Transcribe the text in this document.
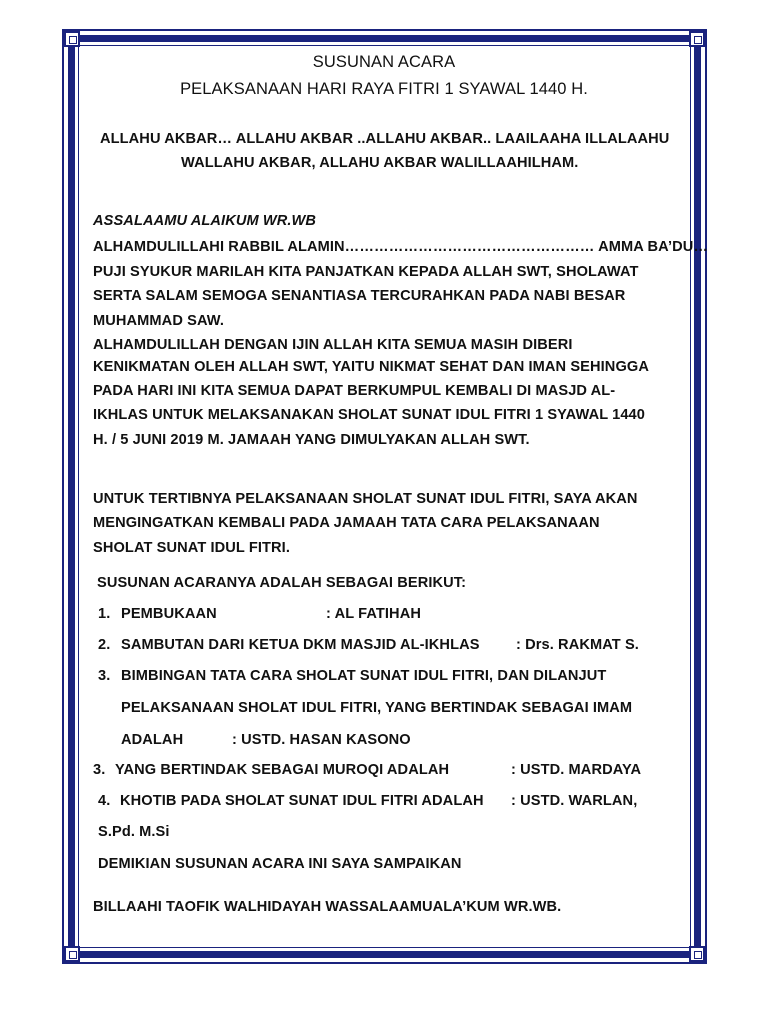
SUSUNAN ACARA
PELAKSANAAN HARI RAYA FITRI 1 SYAWAL 1440 H.
ALLAHU AKBAR… ALLAHU AKBAR ..ALLAHU AKBAR.. LAAILAAHA ILLALAAHU
WALLAHU AKBAR, ALLAHU AKBAR WALILLAAHILHAM.
ASSALAAMU ALAIKUM WR.WB
ALHAMDULILLAHI RABBIL ALAMIN…………………………………………… AMMA BA’DU…
PUJI SYUKUR MARILAH KITA PANJATKAN KEPADA ALLAH SWT, SHOLAWAT
SERTA SALAM SEMOGA SENANTIASA TERCURAHKAN PADA NABI BESAR
MUHAMMAD SAW.
ALHAMDULILLAH DENGAN IJIN ALLAH KITA SEMUA MASIH DIBERI
KENIKMATAN OLEH ALLAH SWT, YAITU NIKMAT SEHAT DAN IMAN SEHINGGA
PADA HARI INI KITA SEMUA DAPAT BERKUMPUL KEMBALI DI MASJD AL-
IKHLAS UNTUK MELAKSANAKAN SHOLAT SUNAT IDUL FITRI 1 SYAWAL 1440
H. / 5 JUNI 2019 M. JAMAAH YANG DIMULYAKAN ALLAH SWT.
UNTUK TERTIBNYA PELAKSANAAN SHOLAT SUNAT IDUL FITRI, SAYA AKAN
MENGINGATKAN KEMBALI PADA JAMAAH TATA CARA PELAKSANAAN
SHOLAT SUNAT IDUL FITRI.
SUSUNAN ACARANYA ADALAH SEBAGAI BERIKUT:
1. PEMBUKAAN	: AL FATIHAH
2. SAMBUTAN DARI KETUA DKM MASJID AL-IKHLAS : Drs. RAKMAT S.
3. BIMBINGAN TATA CARA SHOLAT SUNAT IDUL FITRI, DAN DILANJUT
PELAKSANAAN SHOLAT IDUL FITRI, YANG BERTINDAK SEBAGAI IMAM
ADALAH	: USTD. HASAN KASONO
3. YANG BERTINDAK SEBAGAI MUROQI ADALAH	: USTD. MARDAYA
4. KHOTIB PADA SHOLAT SUNAT IDUL FITRI ADALAH : USTD. WARLAN,
S.Pd. M.Si
DEMIKIAN SUSUNAN ACARA INI SAYA SAMPAIKAN
BILLAAHI TAOFIK WALHIDAYAH WASSALAAMUALA’KUM WR.WB.
